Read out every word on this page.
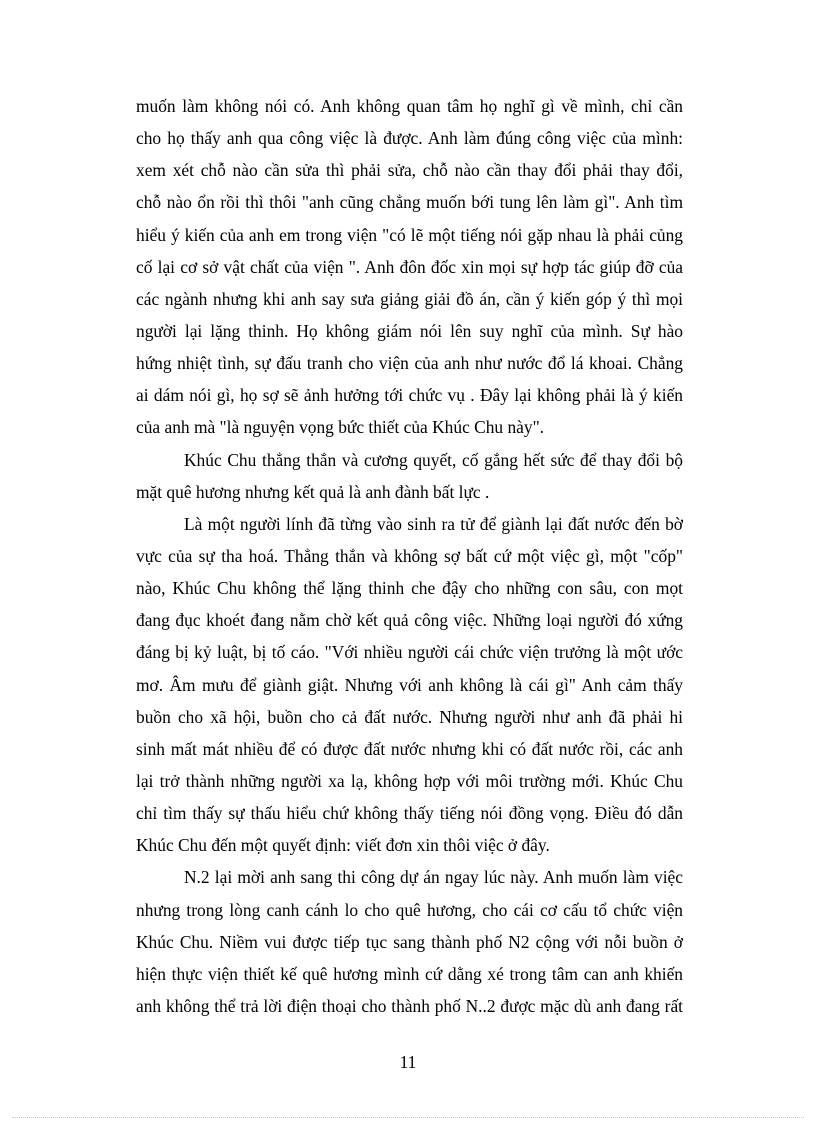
muốn làm không nói có. Anh không quan tâm họ nghĩ gì về mình, chỉ cần
cho họ thấy anh qua công việc là được. Anh làm đúng công việc của mình:
xem xét chỗ nào cần sửa thì phải sửa, chỗ nào cần thay đổi phải thay đổi,
chỗ nào ổn rồi thì thôi "anh cũng chẳng muốn bới tung lên làm gì". Anh tìm
hiểu ý kiến của anh em trong viện "có lẽ một tiếng nói gặp nhau là phải củng
cố lại cơ sở vật chất của viện ". Anh đôn đốc xin mọi sự hợp tác giúp đỡ của
các ngành nhưng khi anh say sưa giảng giải đồ án, cần ý kiến góp ý thì mọi
người lại lặng thinh. Họ không giám nói lên suy nghĩ của mình. Sự hào
hứng nhiệt tình, sự đấu tranh cho viện của anh như nước đổ lá khoai. Chẳng
ai dám nói gì, họ sợ sẽ ảnh hưởng tới chức vụ . Đây lại không phải là ý kiến
của anh mà "là nguyện vọng bức thiết của Khúc Chu này".
Khúc Chu thẳng thắn và cương quyết, cố gắng hết sức để thay đổi bộ
mặt quê hương nhưng kết quả là anh đành bất lực .
Là một người lính đã từng vào sinh ra tử để giành lại đất nước đến bờ
vực của sự tha hoá. Thẳng thắn và không sợ bất cứ một việc gì, một "cốp"
nào, Khúc Chu không thể lặng thinh che đậy cho những con sâu, con mọt
đang đục khoét đang nằm chờ kết quả công việc. Những loại người đó xứng
đáng bị kỷ luật, bị tố cáo. "Với nhiều người cái chức viện trưởng là một ước
mơ. Âm mưu để giành giật. Nhưng với anh không là cái gì" Anh cảm thấy
buồn cho xã hội, buồn cho cả đất nước. Nhưng người như anh đã phải hi
sinh mất mát nhiều để có được đất nước nhưng khi có đất nước rồi, các anh
lại trở thành những người xa lạ, không hợp với môi trường mới. Khúc Chu
chỉ tìm thấy sự thấu hiểu chứ không thấy tiếng nói đồng vọng. Điều đó dẫn
Khúc Chu đến một quyết định: viết đơn xin thôi việc ở đây.
N.2 lại mời anh sang thi công dự án ngay lúc này. Anh muốn làm việc
nhưng trong lòng canh cánh lo cho quê hương, cho cái cơ cấu tổ chức viện
Khúc Chu. Niềm vui được tiếp tục sang thành phố N2 cộng với nỗi buồn ở
hiện thực viện thiết kế quê hương mình cứ dằng xé trong tâm can anh khiến
anh không thể trả lời điện thoại cho thành phố N..2 được mặc dù anh đang rất
11
